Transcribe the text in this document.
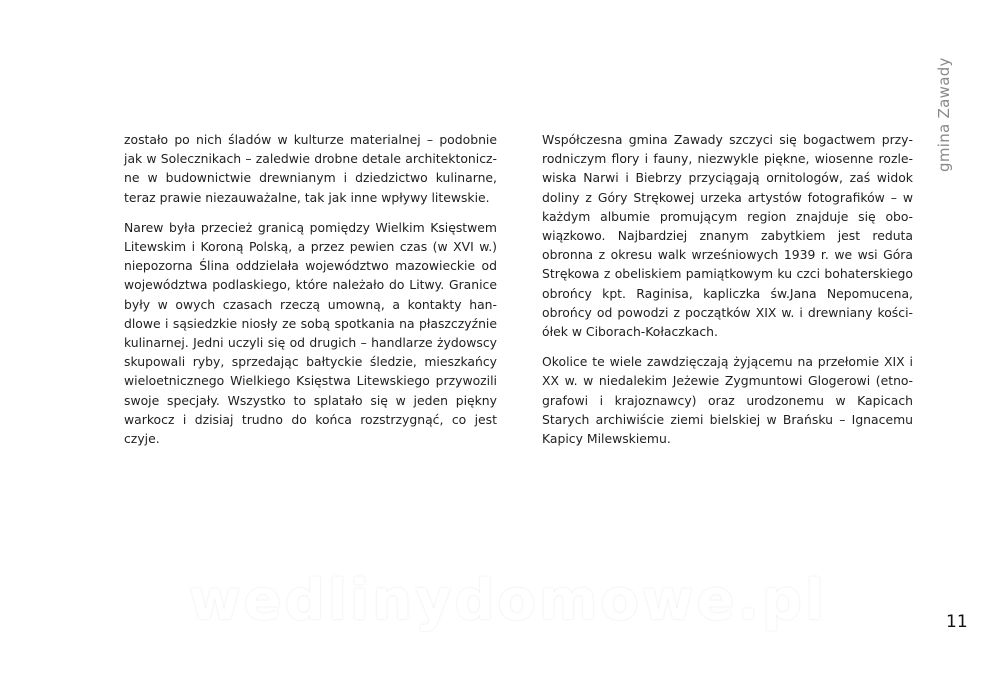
zostało po nich śladów w kulturze materialnej – podobnie jak w Solecznikach – zaledwie drobne detale architektoniczne w budownictwie drewnianym i dziedzictwo kulinarne, teraz prawie niezauważalne, tak jak inne wpływy litewskie.

Narew była przecież granicą pomiędzy Wielkim Księstwem Litewskim i Koroną Polską, a przez pewien czas (w XVI w.) niepozorna Ślina oddzielała województwo mazowieckie od województwa podlaskiego, które należało do Litwy. Granice były w owych czasach rzeczą umowną, a kontakty handlowe i sąsiedzkie niosły ze sobą spotkania na płaszczyźnie kulinarnej. Jedni uczyli się od drugich – handlarze żydowscy skupowali ryby, sprzedając bałtyckie śledzie, mieszkańcy wieloetnicznego Wielkiego Księstwa Litewskiego przywozili swoje specjały. Wszystko to splatało się w jeden piękny warkocz i dzisiaj trudno do końca rozstrzygnąć, co jest czyje.

Współczesna gmina Zawady szczyci się bogactwem przyrodniczym flory i fauny, niezwykle piękne, wiosenne rozlewiska Narwi i Biebrzy przyciągają ornitologów, zaś widok doliny z Góry Strękowej urzeka artystów fotografików – w każdym albumie promującym region znajduje się obowiązkowo. Najbardziej znanym zabytkiem jest reduta obronna z okresu walk wrześniowych 1939 r. we wsi Góra Strękowa z obeliskiem pamiątkowym ku czci bohaterskiego obrońcy kpt. Raginisa, kapliczka św.Jana Nepomucena, obrońcy od powodzi z początków XIX w. i drewniany kościółek w Ciborach-Kołaczkach.

Okolice te wiele zawdzięczają żyjącemu na przełomie XIX i XX w. w niedalekim Jeżewie Zygmuntowi Glogerowi (etnografowi i krajoznawcy) oraz urodzonemu w Kapicach Starych archiwiście ziemi bielskiej w Brańsku – Ignacemu Kapicy Milewskiemu.

gmina Zawady
11
wedlinydomowe.pl
